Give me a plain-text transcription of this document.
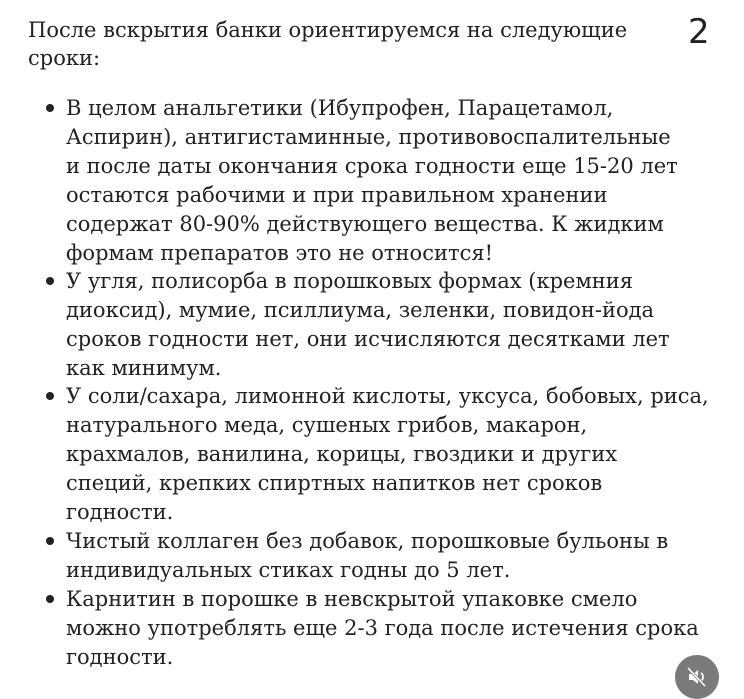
2
После вскрытия банки ориентируемся на следующие
сроки:
В целом анальгетики (Ибупрофен, Парацетамол,
Аспирин), антигистаминные, противовоспалительные
и после даты окончания срока годности еще 15-20 лет
остаются рабочими и при правильном хранении
содержат 80-90% действующего вещества. К жидким
формам препаратов это не относится!
У угля, полисорба в порошковых формах (кремния
диоксид), мумие, псиллиума, зеленки, повидон-йода
сроков годности нет, они исчисляются десятками лет
как минимум.
У соли/сахара, лимонной кислоты, уксуса, бобовых, риса,
натурального меда, сушеных грибов, макарон,
крахмалов, ванилина, корицы, гвоздики и других
специй, крепких спиртных напитков нет сроков
годности.
Чистый коллаген без добавок, порошковые бульоны в
индивидуальных стиках годны до 5 лет.
Карнитин в порошке в невскрытой упаковке смело
можно употреблять еще 2-3 года после истечения срока
годности.
